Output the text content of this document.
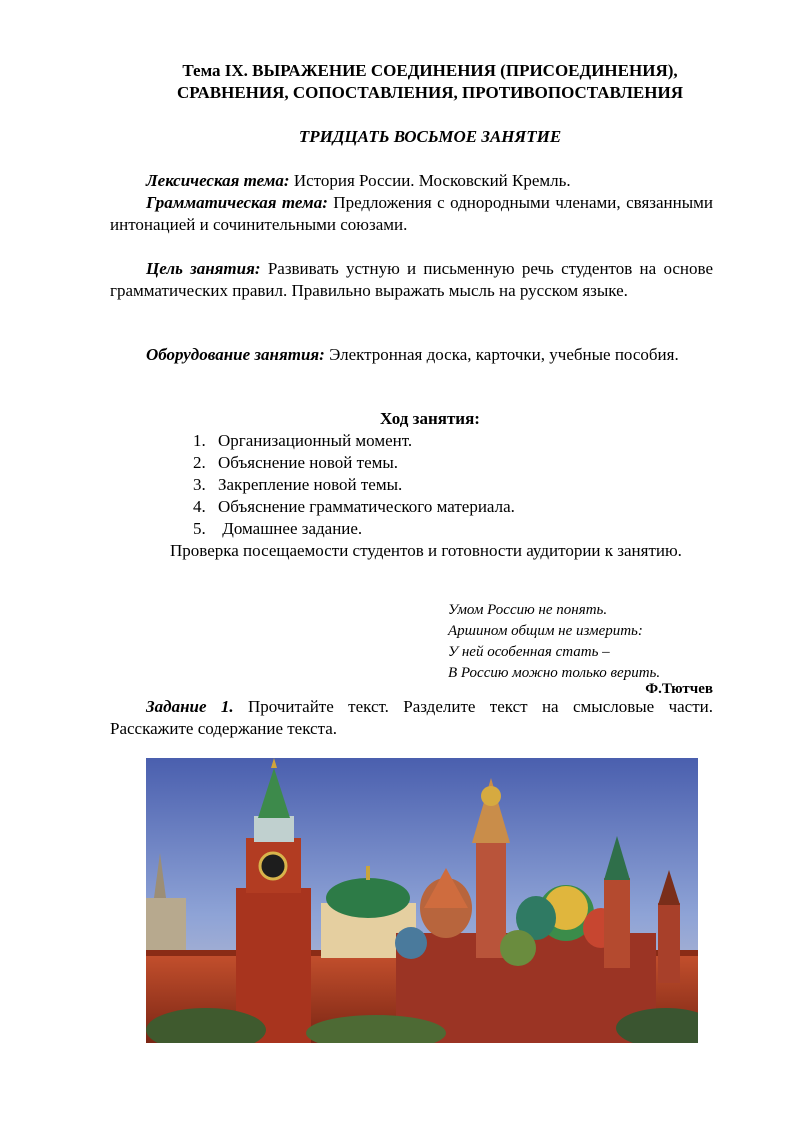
Тема IX. ВЫРАЖЕНИЕ СОЕДИНЕНИЯ (ПРИСОЕДИНЕНИЯ),
СРАВНЕНИЯ, СОПОСТАВЛЕНИЯ, ПРОТИВОПОСТАВЛЕНИЯ
ТРИДЦАТЬ ВОСЬМОЕ ЗАНЯТИЕ
Лексическая тема: История России. Московский Кремль.
Грамматическая тема: Предложения с однородными членами, связанными интонацией и сочинительными союзами.
Цель занятия: Развивать устную и письменную речь студентов на основе грамматических правил. Правильно выражать мысль на русском языке.
Оборудование занятия: Электронная доска, карточки, учебные пособия.
Ход занятия:
1. Организационный момент.
2. Объяснение новой темы.
3. Закрепление новой темы.
4. Объяснение грамматического материала.
5. Домашнее задание.
Проверка посещаемости студентов и готовности аудитории к занятию.
Умом Россию не понять.
Аршином общим не измерить:
У ней особенная стать –
В Россию можно только верить.
Ф.Тютчев
Задание 1. Прочитайте текст. Разделите текст на смысловые части. Расскажите содержание текста.
